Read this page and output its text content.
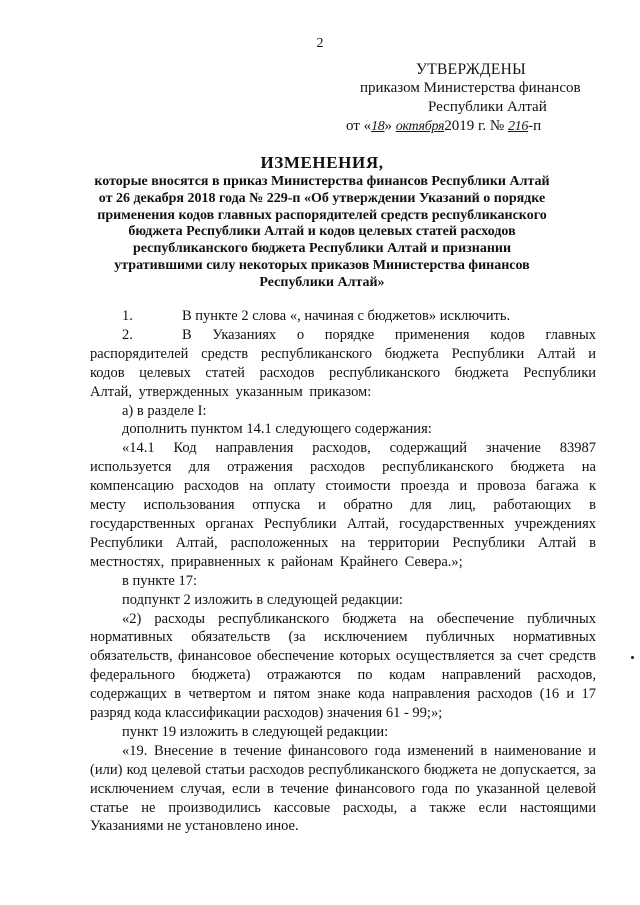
2
УТВЕРЖДЕНЫ
приказом Министерства финансов
Республики Алтай
от «18» октября2019 г. № 216-п
ИЗМЕНЕНИЯ,
которые вносятся в приказ Министерства финансов Республики Алтай
от 26 декабря 2018 года № 229-п «Об утверждении Указаний о порядке
применения кодов главных распорядителей средств республиканского
бюджета Республики Алтай и кодов целевых статей расходов
республиканского бюджета Республики Алтай и признании
утратившими силу некоторых приказов Министерства финансов
Республики Алтай»

1.	В пункте 2 слова «, начиная с бюджетов» исключить.

2.	В Указаниях о порядке применения кодов главных распорядителей средств республиканского бюджета Республики Алтай и кодов целевых статей расходов республиканского бюджета Республики Алтай, утвержденных указанным приказом:

а) в разделе I:

дополнить пунктом 14.1 следующего содержания:

«14.1 Код направления расходов, содержащий значение 83987 используется для отражения расходов республиканского бюджета на компенсацию расходов на оплату стоимости проезда и провоза багажа к месту использования отпуска и обратно для лиц, работающих в государственных органах Республики Алтай, государственных учреждениях Республики Алтай, расположенных на территории Республики Алтай в местностях, приравненных к районам Крайнего Севера.»;

в пункте 17:

подпункт 2 изложить в следующей редакции:

«2) расходы республиканского бюджета на обеспечение публичных нормативных обязательств (за исключением публичных нормативных обязательств, финансовое обеспечение которых осуществляется за счет средств федерального бюджета) отражаются по кодам направлений расходов, содержащих в четвертом и пятом знаке кода направления расходов (16 и 17 разряд кода классификации расходов) значения 61 - 99;»;

пункт 19 изложить в следующей редакции:

«19. Внесение в течение финансового года изменений в наименование и (или) код целевой статьи расходов республиканского бюджета не допускается, за исключением случая, если в течение финансового года по указанной целевой статье не производились кассовые расходы, а также если настоящими Указаниями не установлено иное.
